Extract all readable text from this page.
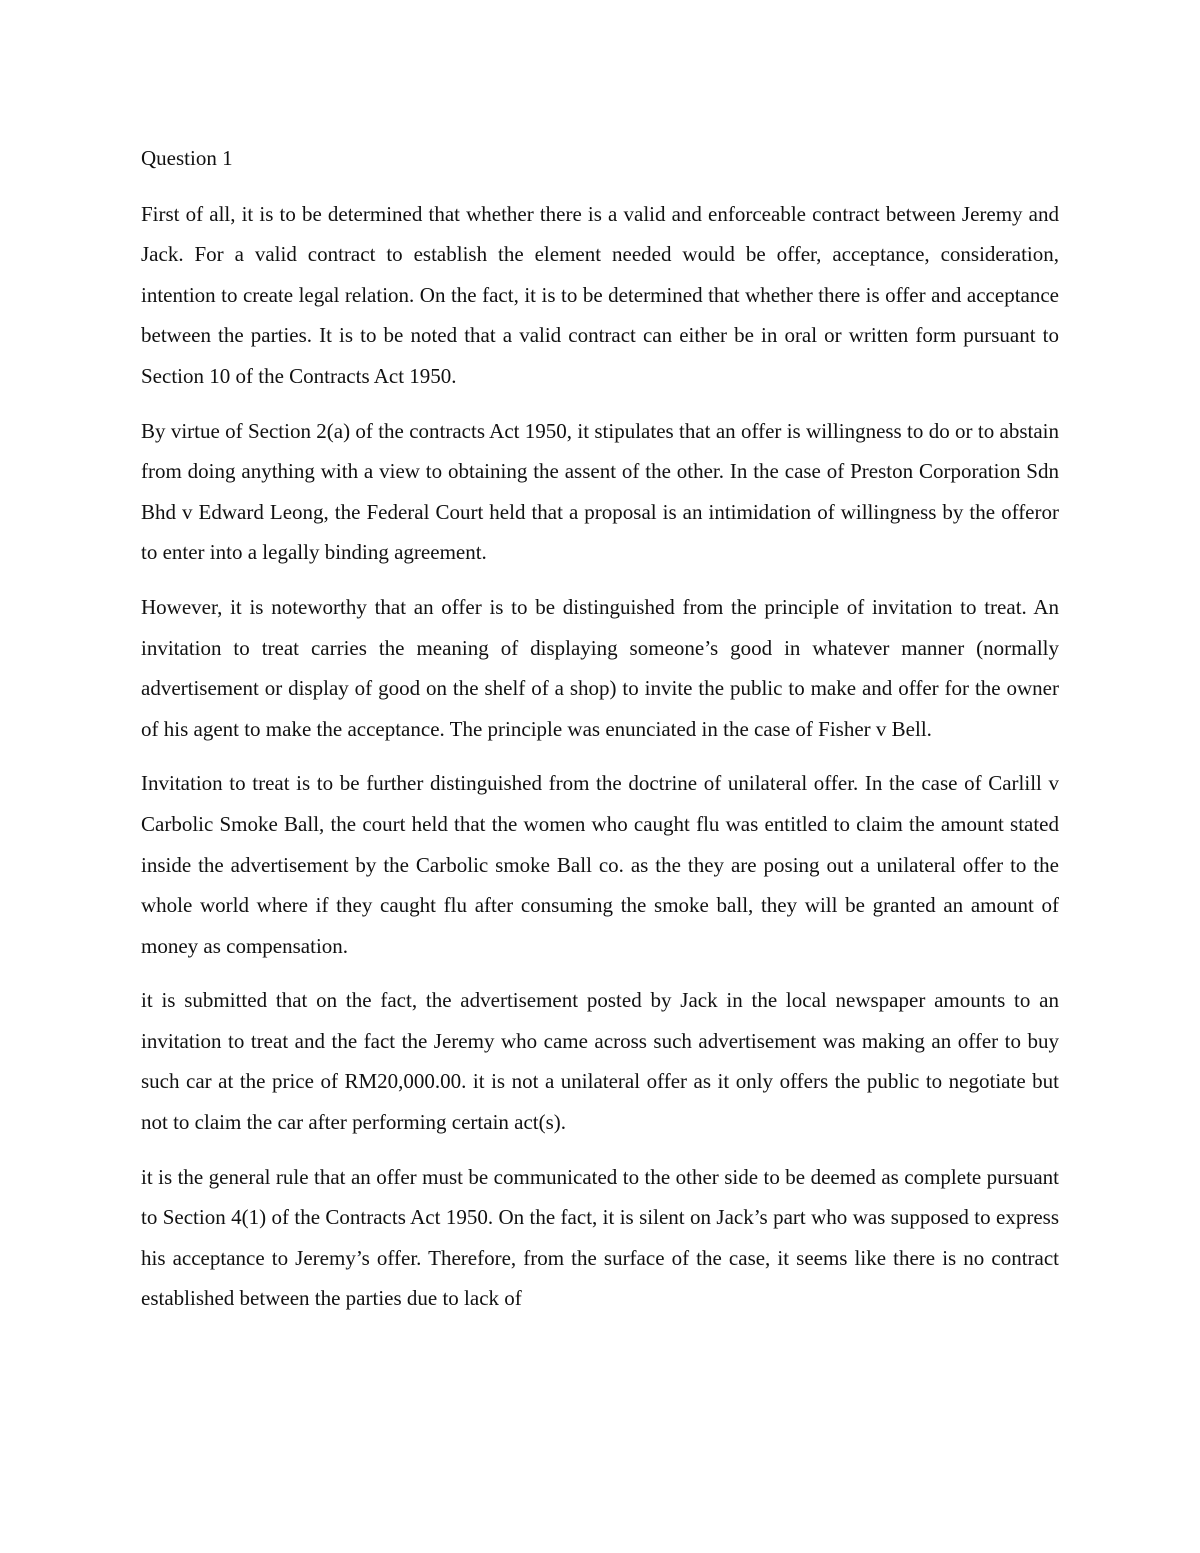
Question 1

First of all, it is to be determined that whether there is a valid and enforceable contract between Jeremy and Jack. For a valid contract to establish the element needed would be offer, acceptance, consideration, intention to create legal relation. On the fact, it is to be determined that whether there is offer and acceptance between the parties. It is to be noted that a valid contract can either be in oral or written form pursuant to Section 10 of the Contracts Act 1950.

By virtue of Section 2(a) of the contracts Act 1950, it stipulates that an offer is willingness to do or to abstain from doing anything with a view to obtaining the assent of the other. In the case of Preston Corporation Sdn Bhd v Edward Leong, the Federal Court held that a proposal is an intimidation of willingness by the offeror to enter into a legally binding agreement.

However, it is noteworthy that an offer is to be distinguished from the principle of invitation to treat. An invitation to treat carries the meaning of displaying someone’s good in whatever manner (normally advertisement or display of good on the shelf of a shop) to invite the public to make and offer for the owner of his agent to make the acceptance. The principle was enunciated in the case of Fisher v Bell.

Invitation to treat is to be further distinguished from the doctrine of unilateral offer. In the case of Carlill v Carbolic Smoke Ball, the court held that the women who caught flu was entitled to claim the amount stated inside the advertisement by the Carbolic smoke Ball co. as the they are posing out a unilateral offer to the whole world where if they caught flu after consuming the smoke ball, they will be granted an amount of money as compensation.

it is submitted that on the fact, the advertisement posted by Jack in the local newspaper amounts to an invitation to treat and the fact the Jeremy who came across such advertisement was making an offer to buy such car at the price of RM20,000.00. it is not a unilateral offer as it only offers the public to negotiate but not to claim the car after performing certain act(s).

it is the general rule that an offer must be communicated to the other side to be deemed as complete pursuant to Section 4(1) of the Contracts Act 1950. On the fact, it is silent on Jack’s part who was supposed to express his acceptance to Jeremy’s offer. Therefore, from the surface of the case, it seems like there is no contract established between the parties due to lack of
